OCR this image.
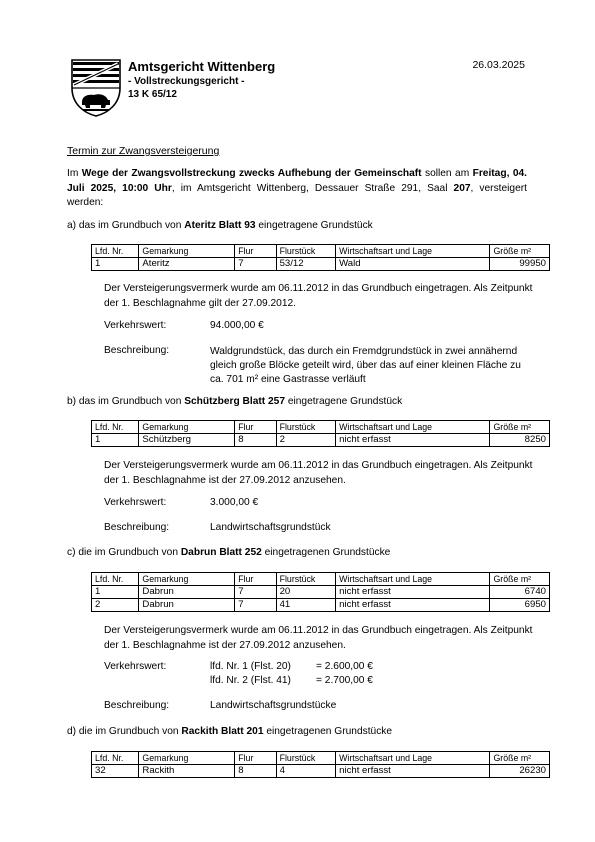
Amtsgericht Wittenberg
- Vollstreckungsgericht -
13 K 65/12
26.03.2025
Termin zur Zwangsversteigerung
Im Wege der Zwangsvollstreckung zwecks Aufhebung der Gemeinschaft sollen am Freitag, 04. Juli 2025, 10:00 Uhr, im Amtsgericht Wittenberg, Dessauer Straße 291, Saal 207, versteigert werden:
a) das im Grundbuch von Ateritz Blatt 93 eingetragene Grundstück
Lfd. Nr.	Gemarkung	Flur	Flurstück	Wirtschaftsart und Lage	Größe m²
1	Ateritz	7	53/12	Wald	99950
Der Versteigerungsvermerk wurde am 06.11.2012 in das Grundbuch eingetragen. Als Zeitpunkt der 1. Beschlagnahme gilt der 27.09.2012.
Verkehrswert:	94.000,00 €
Beschreibung:	Waldgrundstück, das durch ein Fremdgrundstück in zwei annähernd gleich große Blöcke geteilt wird, über das auf einer kleinen Fläche zu ca. 701 m² eine Gastrasse verläuft
b) das im Grundbuch von Schützberg Blatt 257 eingetragene Grundstück
Lfd. Nr.	Gemarkung	Flur	Flurstück	Wirtschaftsart und Lage	Größe m²
1	Schützberg	8	2	nicht erfasst	8250
Der Versteigerungsvermerk wurde am 06.11.2012 in das Grundbuch eingetragen. Als Zeitpunkt der 1. Beschlagnahme ist der 27.09.2012 anzusehen.
Verkehrswert:	3.000,00 €
Beschreibung:	Landwirtschaftsgrundstück
c) die im Grundbuch von Dabrun Blatt 252 eingetragenen Grundstücke
Lfd. Nr.	Gemarkung	Flur	Flurstück	Wirtschaftsart und Lage	Größe m²
1	Dabrun	7	20	nicht erfasst	6740
2	Dabrun	7	41	nicht erfasst	6950
Der Versteigerungsvermerk wurde am 06.11.2012 in das Grundbuch eingetragen. Als Zeitpunkt der 1. Beschlagnahme ist der 27.09.2012 anzusehen.
Verkehrswert:	lfd. Nr. 1 (Flst. 20) = 2.600,00 €
lfd. Nr. 2 (Flst. 41) = 2.700,00 €
Beschreibung:	Landwirtschaftsgrundstücke
d) die im Grundbuch von Rackith Blatt 201 eingetragenen Grundstücke
Lfd. Nr.	Gemarkung	Flur	Flurstück	Wirtschaftsart und Lage	Größe m²
32	Rackith	8	4	nicht erfasst	26230
